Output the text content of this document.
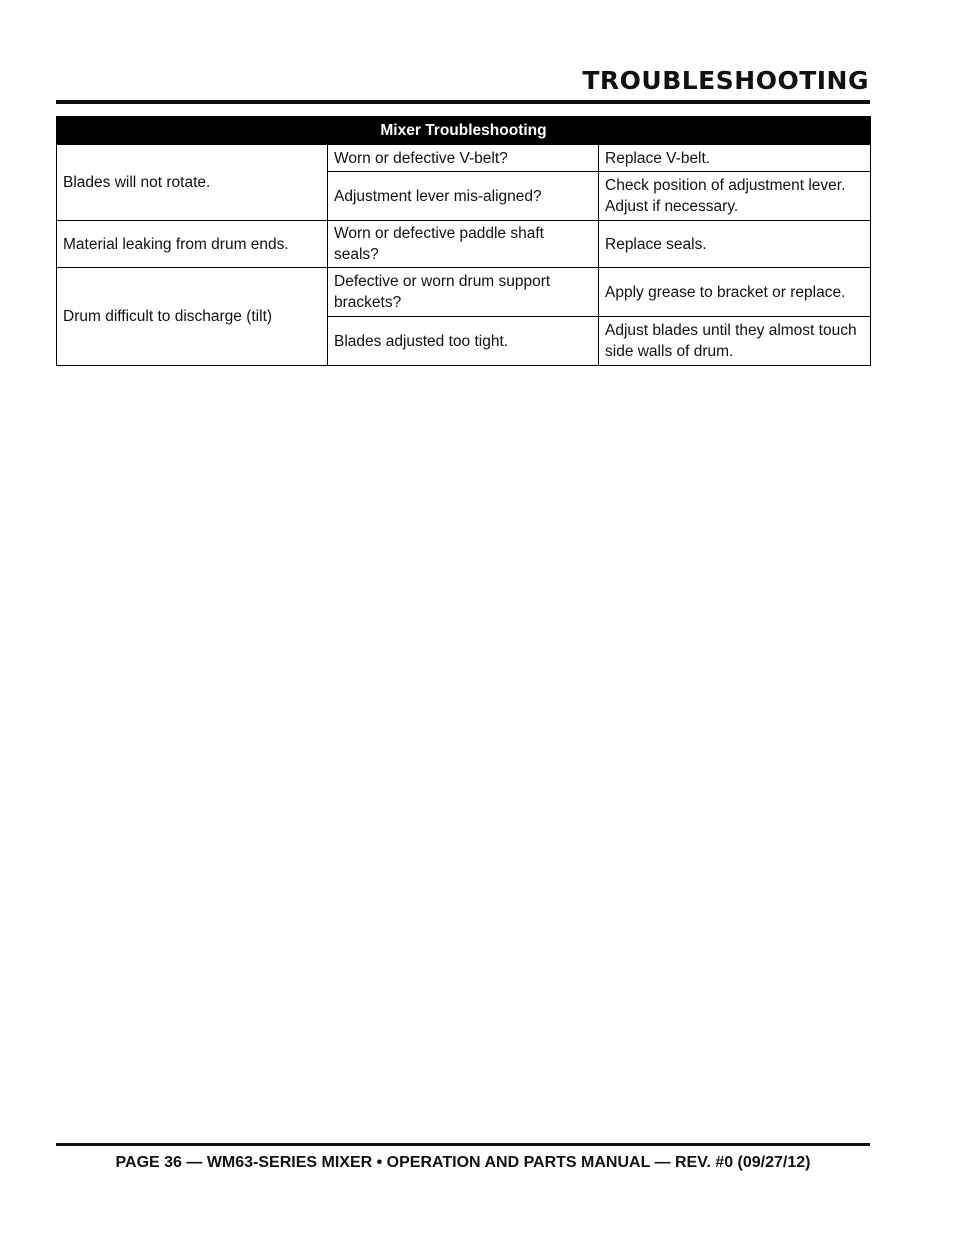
TROUBLESHOOTING
Mixer Troubleshooting		
Blades will not rotate.	Worn or defective V-belt?	Replace V-belt.
	Adjustment lever mis-aligned?	Check position of adjustment lever. Adjust if necessary.
Material leaking from drum ends.	Worn or defective paddle shaft seals?	Replace seals.
Drum difficult to discharge (tilt)	Defective or worn drum support brackets?	Apply grease to bracket or replace.
	Blades adjusted too tight.	Adjust blades until they almost touch side walls of drum.
PAGE 36 — WM63-SERIES MIXER • OPERATION AND PARTS MANUAL — REV. #0 (09/27/12)
